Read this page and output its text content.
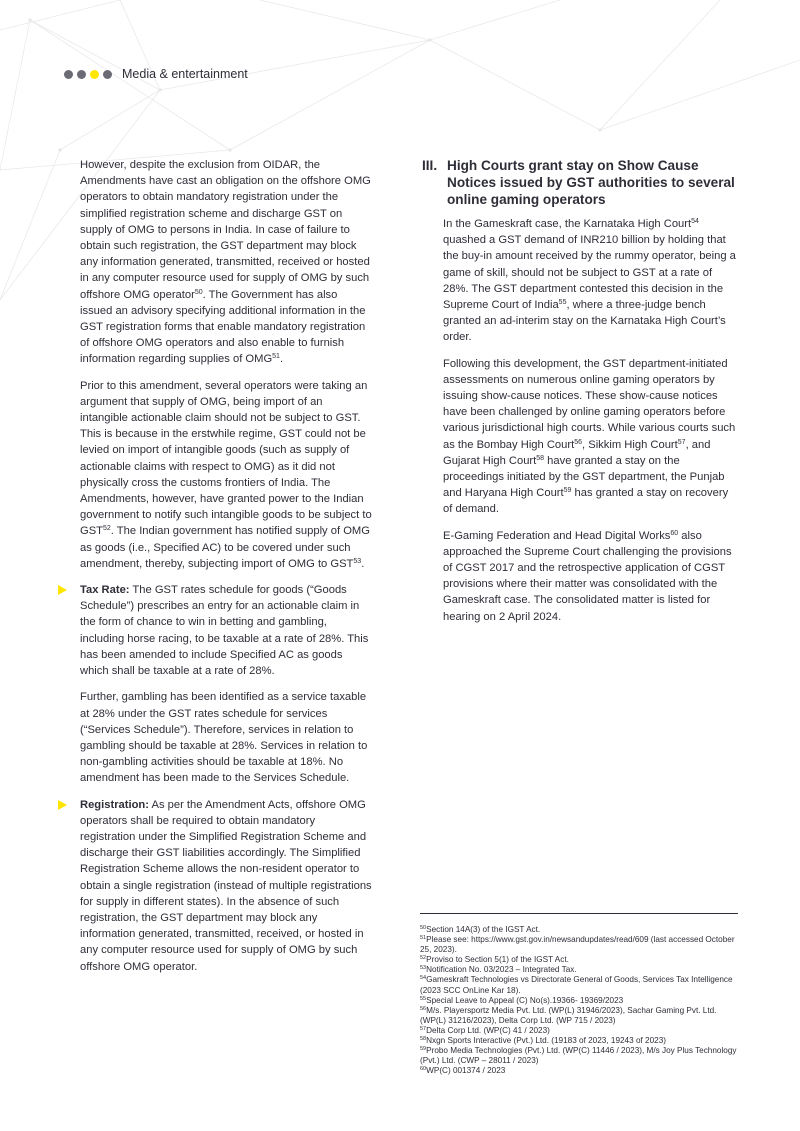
Media & entertainment

However, despite the exclusion from OIDAR, the Amendments have cast an obligation on the offshore OMG operators to obtain mandatory registration under the simplified registration scheme and discharge GST on supply of OMG to persons in India. In case of failure to obtain such registration, the GST department may block any information generated, transmitted, received or hosted in any computer resource used for supply of OMG by such offshore OMG operator$^{50}$. The Government has also issued an advisory specifying additional information in the GST registration forms that enable mandatory registration of offshore OMG operators and also enable to furnish information regarding supplies of OMG$^{51}$.

Prior to this amendment, several operators were taking an argument that supply of OMG, being import of an intangible actionable claim should not be subject to GST. This is because in the erstwhile regime, GST could not be levied on import of intangible goods (such as supply of actionable claims with respect to OMG) as it did not physically cross the customs frontiers of India. The Amendments, however, have granted power to the Indian government to notify such intangible goods to be subject to GST$^{52}$. The Indian government has notified supply of OMG as goods (i.e., Specified AC) to be covered under such amendment, thereby, subjecting import of OMG to GST$^{53}$.

Tax Rate: The GST rates schedule for goods (“Goods Schedule”) prescribes an entry for an actionable claim in the form of chance to win in betting and gambling, including horse racing, to be taxable at a rate of 28%. This has been amended to include Specified AC as goods which shall be taxable at a rate of 28%.

Further, gambling has been identified as a service taxable at 28% under the GST rates schedule for services (“Services Schedule”). Therefore, services in relation to gambling should be taxable at 28%. Services in relation to non-gambling activities should be taxable at 18%. No amendment has been made to the Services Schedule.

Registration: As per the Amendment Acts, offshore OMG operators shall be required to obtain mandatory registration under the Simplified Registration Scheme and discharge their GST liabilities accordingly. The Simplified Registration Scheme allows the non-resident operator to obtain a single registration (instead of multiple registrations for supply in different states). In the absence of such registration, the GST department may block any information generated, transmitted, received, or hosted in any computer resource used for supply of OMG by such offshore OMG operator.

III. High Courts grant stay on Show Cause Notices issued by GST authorities to several online gaming operators

In the Gameskraft case, the Karnataka High Court$^{54}$ quashed a GST demand of INR210 billion by holding that the buy-in amount received by the rummy operator, being a game of skill, should not be subject to GST at a rate of 28%. The GST department contested this decision in the Supreme Court of India$^{55}$, where a three-judge bench granted an ad-interim stay on the Karnataka High Court’s order.

Following this development, the GST department-initiated assessments on numerous online gaming operators by issuing show-cause notices. These show-cause notices have been challenged by online gaming operators before various jurisdictional high courts. While various courts such as the Bombay High Court$^{56}$, Sikkim High Court$^{57}$, and Gujarat High Court$^{58}$ have granted a stay on the proceedings initiated by the GST department, the Punjab and Haryana High Court$^{59}$ has granted a stay on recovery of demand.

E-Gaming Federation and Head Digital Works$^{60}$ also approached the Supreme Court challenging the provisions of CGST 2017 and the retrospective application of CGST provisions where their matter was consolidated with the Gameskraft case. The consolidated matter is listed for hearing on 2 April 2024.

$^{50}$Section 14A(3) of the IGST Act.

$^{51}$Please see: https://www.gst.gov.in/newsandupdates/read/609 (last accessed October 25, 2023).

$^{52}$Proviso to Section 5(1) of the IGST Act.

$^{53}$Notification No. 03/2023 – Integrated Tax.

$^{54}$Gameskraft Technologies vs Directorate General of Goods, Services Tax Intelligence (2023 SCC OnLine Kar 18).

$^{55}$Special Leave to Appeal (C) No(s).19366- 19369/2023

$^{56}$M/s. Playersportz Media Pvt. Ltd. (WP(L) 31946/2023), Sachar Gaming Pvt. Ltd. (WP(L) 31216/2023), Delta Corp Ltd. (WP 715 / 2023)

$^{57}$Delta Corp Ltd. (WP(C) 41 / 2023)

$^{58}$Nxgn Sports Interactive (Pvt.) Ltd. (19183 of 2023, 19243 of 2023)

$^{59}$Probo Media Technologies (Pvt.) Ltd. (WP(C) 11446 / 2023), M/s Joy Plus Technology (Pvt.) Ltd. (CWP – 28011 / 2023)

$^{60}$WP(C) 001374 / 2023
